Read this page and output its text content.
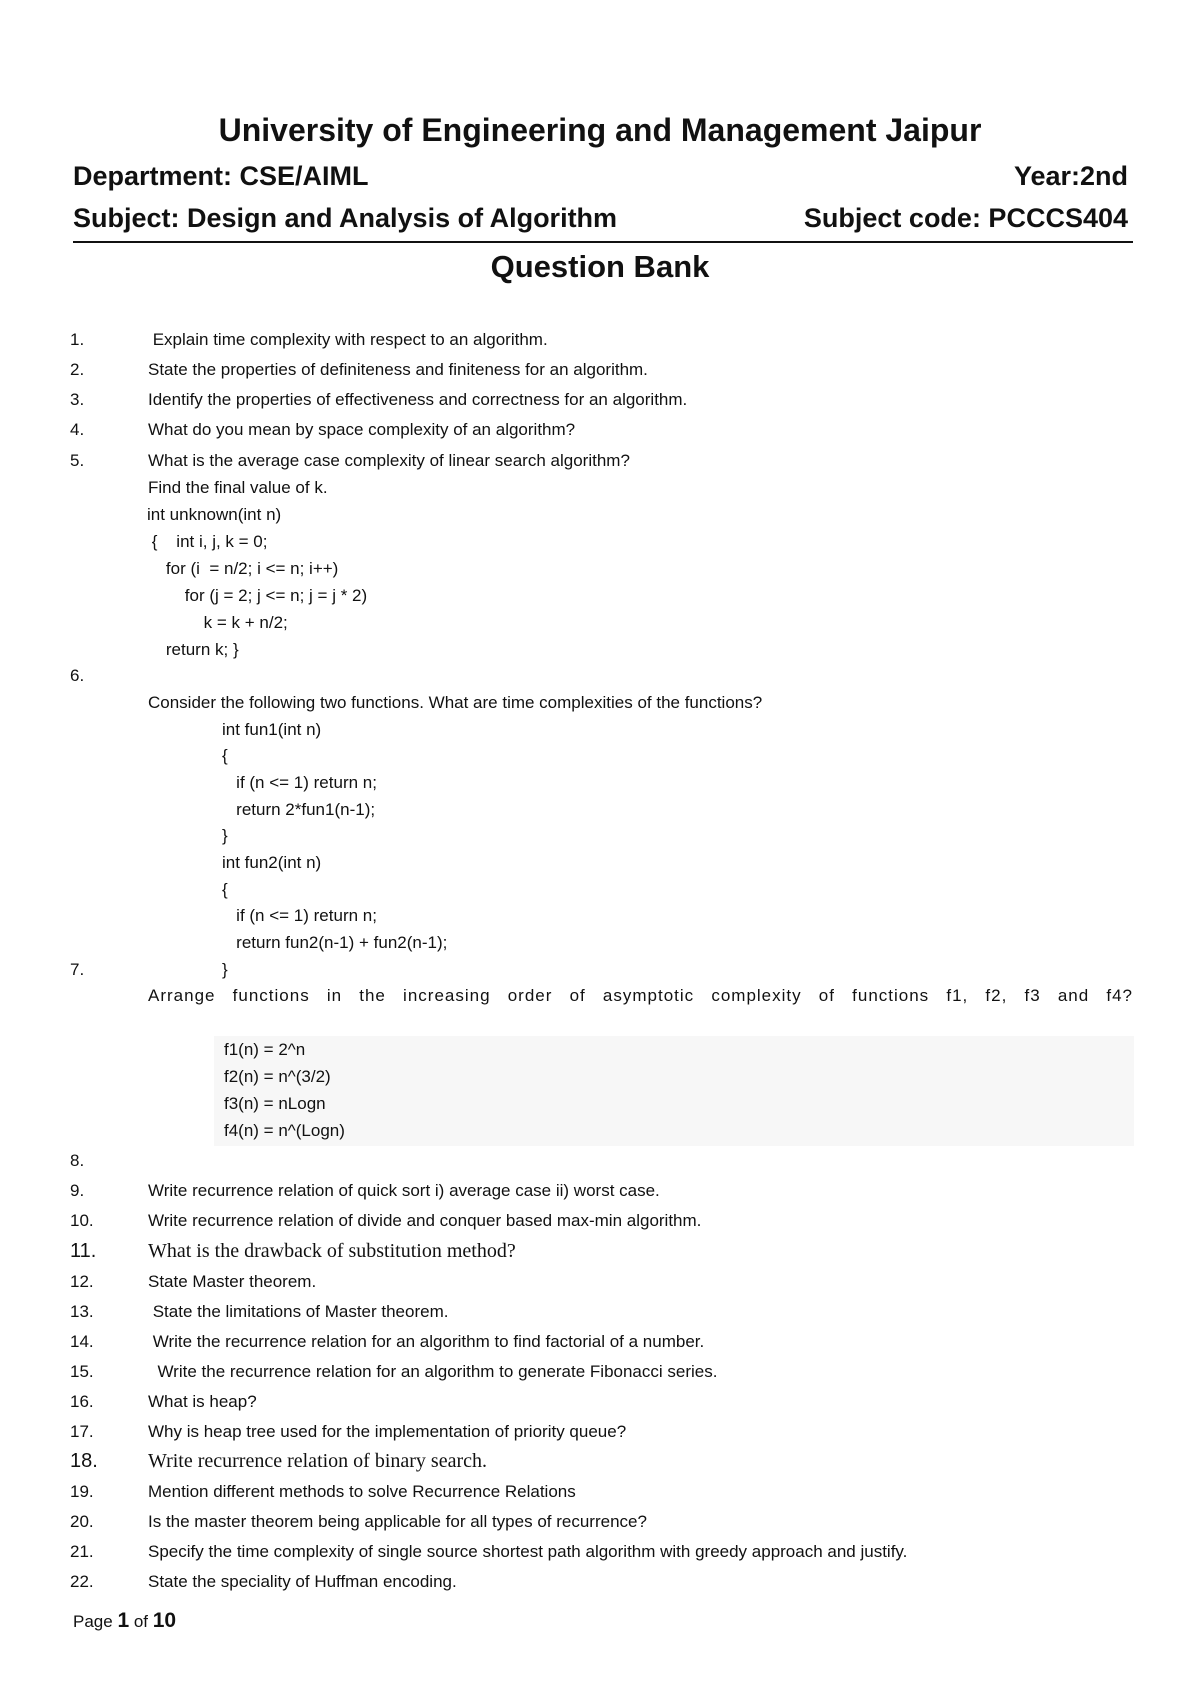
University of Engineering and Management Jaipur
Department: CSE/AIML	Year:2nd
Subject: Design and Analysis of Algorithm	Subject code: PCCCS404
Question Bank
1.	Explain time complexity with respect to an algorithm.
2.	State the properties of definiteness and finiteness for an algorithm.
3.	Identify the properties of effectiveness and correctness for an algorithm.
4.	What do you mean by space complexity of an algorithm?
5.	What is the average case complexity of linear search algorithm?
Find the final value of k.
int unknown(int n)
{    int i, j, k = 0;
for (i  = n/2; i <= n; i++)
for (j = 2; j <= n; j = j * 2)
k = k + n/2;
return k; }
6.
Consider the following two functions. What are time complexities of the functions?
int fun1(int n)
{
if (n <= 1) return n;
return 2*fun1(n-1);
}
int fun2(int n)
{
if (n <= 1) return n;
return fun2(n-1) + fun2(n-1);
7.	}
Arrange functions in the increasing order of asymptotic complexity of functions f1, f2, f3 and f4?
f1(n) = 2^n
f2(n) = n^(3/2)
f3(n) = nLogn
f4(n) = n^(Logn)
8.
9.	Write recurrence relation of quick sort i) average case ii) worst case.
10.	Write recurrence relation of divide and conquer based max-min algorithm.
11.	What is the drawback of substitution method?
12.	State Master theorem.
13.	State the limitations of Master theorem.
14.	Write the recurrence relation for an algorithm to find factorial of a number.
15.	Write the recurrence relation for an algorithm to generate Fibonacci series.
16.	What is heap?
17.	Why is heap tree used for the implementation of priority queue?
18.	Write recurrence relation of binary search.
19.	Mention different methods to solve Recurrence Relations
20.	Is the master theorem being applicable for all types of recurrence?
21.	Specify the time complexity of single source shortest path algorithm with greedy approach and justify.
22.	State the speciality of Huffman encoding.
Page 1 of 10
